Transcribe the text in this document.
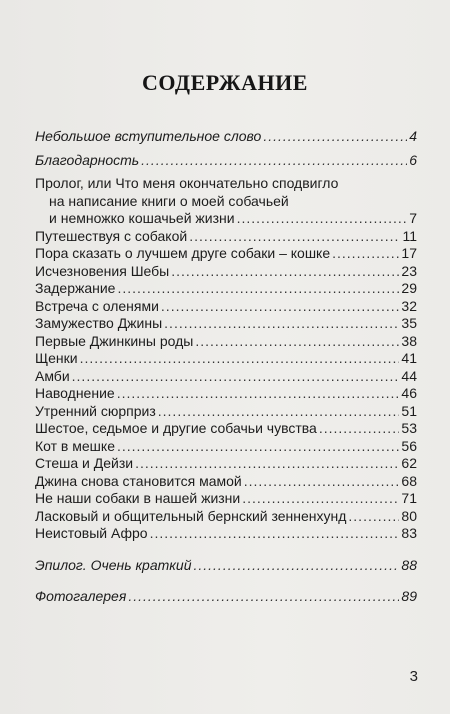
СОДЕРЖАНИЕ
Небольшое вступительное слово .....	4
Благодарность .....	6
Пролог, или Что меня окончательно сподвигло
на написание книги о моей собачьей
и немножко кошачьей жизни .....	7
Путешествуя с собакой .....	11
Пора сказать о лучшем друге собаки – кошке .....	17
Исчезновения Шебы .....	23
Задержание .....	29
Встреча с оленями .....	32
Замужество Джины .....	35
Первые Джинкины роды .....	38
Щенки .....	41
Амби .....	44
Наводнение .....	46
Утренний сюрприз .....	51
Шестое, седьмое и другие собачьи чувства .....	53
Кот в мешке .....	56
Стеша и Дейзи .....	62
Джина снова становится мамой .....	68
Не наши собаки в нашей жизни .....	71
Ласковый и общительный бернский зенненхунд .....	80
Неистовый Афро .....	83
Эпилог. Очень краткий .....	88
Фотогалерея .....	89
3
